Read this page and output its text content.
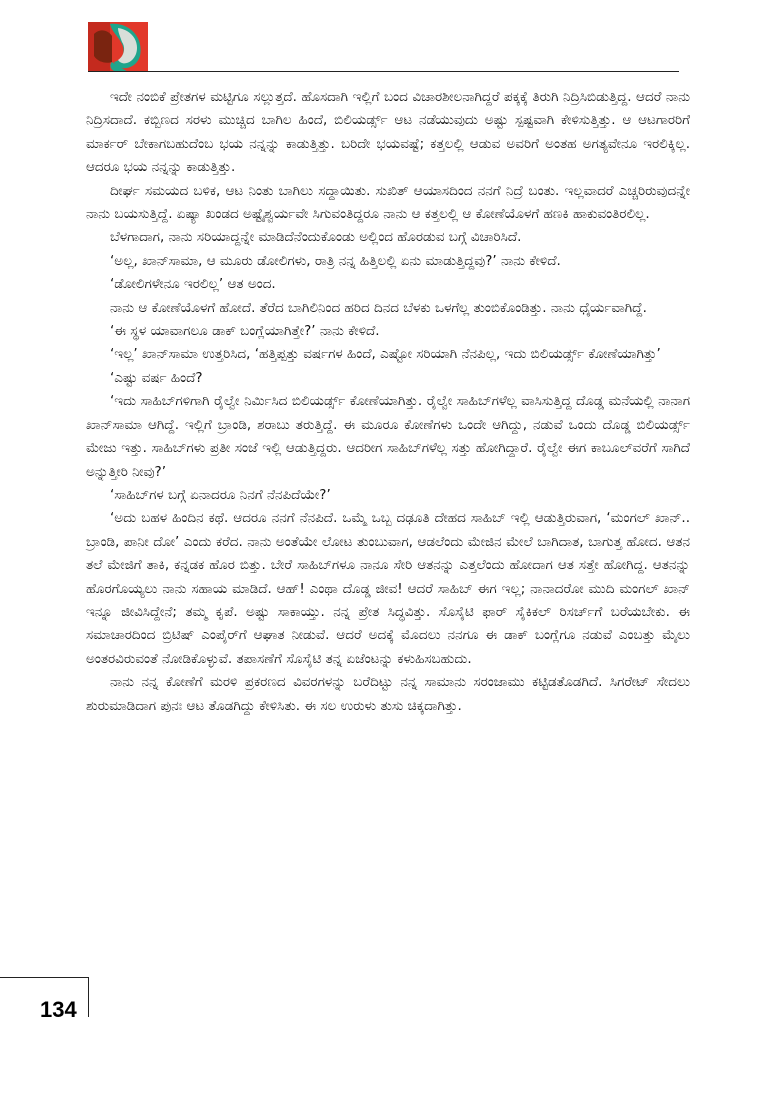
ಇದೇ ನಂಬಿಕೆ ಪ್ರೇತಗಳ ಮಟ್ಟಿಗೂ ಸಲ್ಲುತ್ತದೆ. ಹೊಸದಾಗಿ ಇಲ್ಲಿಗೆ ಬಂದ ವಿಚಾರಶೀಲನಾಗಿದ್ದರೆ ಪಕ್ಕಕ್ಕೆ ತಿರುಗಿ ನಿದ್ರಿಸಿಬಿಡುತ್ತಿದ್ದ. ಆದರೆ ನಾನು ನಿದ್ರಿಸದಾದೆ. ಕಬ್ಬಿಣದ ಸರಳು ಮುಚ್ಚಿದ ಬಾಗಿಲ ಹಿಂದೆ, ಬಿಲಿಯರ್ಡ್ಸ್ ಆಟ ನಡೆಯುವುದು ಅಷ್ಟು ಸ್ಪಷ್ಟವಾಗಿ ಕೇಳಿಸುತ್ತಿತ್ತು. ಆ ಆಟಗಾರರಿಗೆ ಮಾರ್ಕರ್ ಬೇಕಾಗಬಹುದೆಂಬ ಭಯ ನನ್ನನ್ನು ಕಾಡುತ್ತಿತ್ತು. ಬರಿದೇ ಭಯವಷ್ಟೆ; ಕತ್ತಲಲ್ಲಿ ಆಡುವ ಅವರಿಗೆ ಅಂತಹ ಅಗತ್ಯವೇನೂ ಇರಲಿಕ್ಕಿಲ್ಲ. ಆದರೂ ಭಯ ನನ್ನನ್ನು ಕಾಡುತ್ತಿತ್ತು.

ದೀರ್ಘ ಸಮಯದ ಬಳಿಕ, ಆಟ ನಿಂತು ಬಾಗಿಲು ಸದ್ದಾಯಿತು. ಸುಖಿತ್ ಆಯಾಸದಿಂದ ನನಗೆ ನಿದ್ರೆ ಬಂತು. ಇಲ್ಲವಾದರೆ ಎಚ್ಚರಿರುವುದನ್ನೇ ನಾನು ಬಯಸುತ್ತಿದ್ದೆ. ಏಷ್ಯಾ ಖಂಡದ ಅಷ್ಟೈಶ್ವರ್ಯವೇ ಸಿಗುವಂತಿದ್ದರೂ ನಾನು ಆ ಕತ್ತಲಲ್ಲಿ ಆ ಕೋಣೆಯೊಳಗೆ ಹಣಕಿ ಹಾಕುವಂತಿರಲಿಲ್ಲ.

ಬೆಳಗಾದಾಗ, ನಾನು ಸರಿಯಾದ್ದನ್ನೇ ಮಾಡಿದೆನೆಂದುಕೊಂಡು ಅಲ್ಲಿಂದ ಹೊರಡುವ ಬಗ್ಗೆ ವಿಚಾರಿಸಿದೆ.

‘ಅಲ್ಲ, ಖಾನ್‌ಸಾಮಾ, ಆ ಮೂರು ಡೋಲಿಗಳು, ರಾತ್ರಿ ನನ್ನ ಹಿತ್ತಿಲಲ್ಲಿ ಏನು ಮಾಡುತ್ತಿದ್ದವು?’ ನಾನು ಕೇಳಿದೆ.

‘ಡೋಲಿಗಳೇನೂ ಇರಲಿಲ್ಲ’ ಆತ ಅಂದ.

ನಾನು ಆ ಕೋಣೆಯೊಳಗೆ ಹೋದೆ. ತೆರೆದ ಬಾಗಿಲಿನಿಂದ ಹರಿದ ದಿನದ ಬೆಳಕು ಒಳಗೆಲ್ಲ ತುಂಬಿಕೊಂಡಿತ್ತು. ನಾನು ಧೈರ್ಯವಾಗಿದ್ದೆ.

‘ಈ ಸ್ಥಳ ಯಾವಾಗಲೂ ಡಾಕ್ ಬಂಗ್ಲೆಯಾಗಿತ್ತೇ?’ ನಾನು ಕೇಳಿದೆ.

‘ಇಲ್ಲ’ ಖಾನ್‌ಸಾಮಾ ಉತ್ತರಿಸಿದ, ‘ಹತ್ತಿಪ್ಪತ್ತು ವರ್ಷಗಳ ಹಿಂದೆ, ಎಷ್ಟೋ ಸರಿಯಾಗಿ ನೆನಪಿಲ್ಲ, ಇದು ಬಿಲಿಯರ್ಡ್ಸ್ ಕೋಣೆಯಾಗಿತ್ತು’

‘ಎಷ್ಟು ವರ್ಷ ಹಿಂದೆ?

‘ಇದು ಸಾಹಿಬ್‌ಗಳಿಗಾಗಿ ರೈಲ್ವೇ ನಿರ್ಮಿಸಿದ ಬಿಲಿಯರ್ಡ್ಸ್ ಕೋಣೆಯಾಗಿತ್ತು. ರೈಲ್ವೇ ಸಾಹಿಬ್‌ಗಳೆಲ್ಲ ವಾಸಿಸುತ್ತಿದ್ದ ದೊಡ್ಡ ಮನೆಯಲ್ಲಿ ನಾನಾಗ ಖಾನ್‌ಸಾಮಾ ಆಗಿದ್ದೆ. ಇಲ್ಲಿಗೆ ಬ್ರಾಂಡಿ, ಶರಾಬು ತರುತ್ತಿದ್ದೆ. ಈ ಮೂರೂ ಕೋಣೆಗಳು ಒಂದೇ ಆಗಿದ್ದು, ನಡುವೆ ಒಂದು ದೊಡ್ಡ ಬಿಲಿಯರ್ಡ್ಸ್ ಮೇಜು ಇತ್ತು. ಸಾಹಿಬ್‌ಗಳು ಪ್ರತೀ ಸಂಜೆ ಇಲ್ಲಿ ಆಡುತ್ತಿದ್ದರು. ಆದರೀಗ ಸಾಹಿಬ್‌ಗಳೆಲ್ಲ ಸತ್ತು ಹೋಗಿದ್ದಾರೆ. ರೈಲ್ವೇ ಈಗ ಕಾಬೂಲ್‌ವರೆಗೆ ಸಾಗಿದೆ ಅನ್ನುತ್ತೀರಿ ನೀವು?’

‘ಸಾಹಿಬ್‌ಗಳ ಬಗ್ಗೆ ಏನಾದರೂ ನಿನಗೆ ನೆನಪಿದೆಯೇ?’

‘ಅದು ಬಹಳ ಹಿಂದಿನ ಕಥೆ. ಆದರೂ ನನಗೆ ನೆನಪಿದೆ. ಒಮ್ಮೆ ಒಬ್ಬ ದಢೂತಿ ದೇಹದ ಸಾಹಿಬ್ ಇಲ್ಲಿ ಆಡುತ್ತಿರುವಾಗ, ‘ಮಂಗಲ್ ಖಾನ್.. ಬ್ರಾಂಡಿ, ಪಾನೀ ದೋ’ ಎಂದು ಕರೆದ. ನಾನು ಅಂತೆಯೇ ಲೋಟ ತುಂಬುವಾಗ, ಆಡಲೆಂದು ಮೇಜಿನ ಮೇಲೆ ಬಾಗಿದಾತ, ಬಾಗುತ್ತ ಹೋದ. ಆತನ ತಲೆ ಮೇಜಿಗೆ ತಾಕಿ, ಕನ್ನಡಕ ಹೊರ ಬಿತ್ತು. ಬೇರೆ ಸಾಹಿಬ್‌ಗಳೂ ನಾನೂ ಸೇರಿ ಆತನನ್ನು ಎತ್ತಲೆಂದು ಹೋದಾಗ ಆತ ಸತ್ತೇ ಹೋಗಿದ್ದ. ಆತನನ್ನು ಹೊರಗೊಯ್ಯಲು ನಾನು ಸಹಾಯ ಮಾಡಿದೆ. ಆಹ್! ಎಂಥಾ ದೊಡ್ಡ ಜೀವ! ಆದರೆ ಸಾಹಿಬ್ ಈಗ ಇಲ್ಲ; ನಾನಾದರೋ ಮುದಿ ಮಂಗಲ್ ಖಾನ್ ಇನ್ನೂ ಜೀವಿಸಿದ್ದೇನೆ; ತಮ್ಮ ಕೃಪೆ. ಅಷ್ಟು ಸಾಕಾಯ್ತು. ನನ್ನ ಪ್ರೇತ ಸಿದ್ಧವಿತ್ತು. ಸೊಸೈಟಿ ಫಾರ್ ಸೈಕಿಕಲ್ ರಿಸರ್ಚ್‌ಗೆ ಬರೆಯಬೇಕು. ಈ ಸಮಾಚಾರದಿಂದ ಬ್ರಿಟಿಷ್ ಎಂಪೈರ್‌ಗೆ ಆಘಾತ ನೀಡುವೆ. ಆದರೆ ಅದಕ್ಕೆ ಮೊದಲು ನನಗೂ ಈ ಡಾಕ್ ಬಂಗ್ಲೆಗೂ ನಡುವೆ ಎಂಬತ್ತು ಮೈಲು ಅಂತರವಿರುವಂತೆ ನೋಡಿಕೊಳ್ಳುವೆ. ತಪಾಸಣೆಗೆ ಸೊಸೈಟಿ ತನ್ನ ಏಜೆಂಟನ್ನು ಕಳುಹಿಸಬಹುದು.

ನಾನು ನನ್ನ ಕೋಣೆಗೆ ಮರಳಿ ಪ್ರಕರಣದ ವಿವರಗಳನ್ನು ಬರೆದಿಟ್ಟು ನನ್ನ ಸಾಮಾನು ಸರಂಜಾಮು ಕಟ್ಟಿಡತೊಡಗಿದೆ. ಸಿಗರೇಟ್ ಸೇದಲು ಶುರುಮಾಡಿದಾಗ ಪುನಃ ಆಟ ತೊಡಗಿದ್ದು ಕೇಳಿಸಿತು. ಈ ಸಲ ಉರುಳು ತುಸು ಚಿಕ್ಕದಾಗಿತ್ತು.

134
